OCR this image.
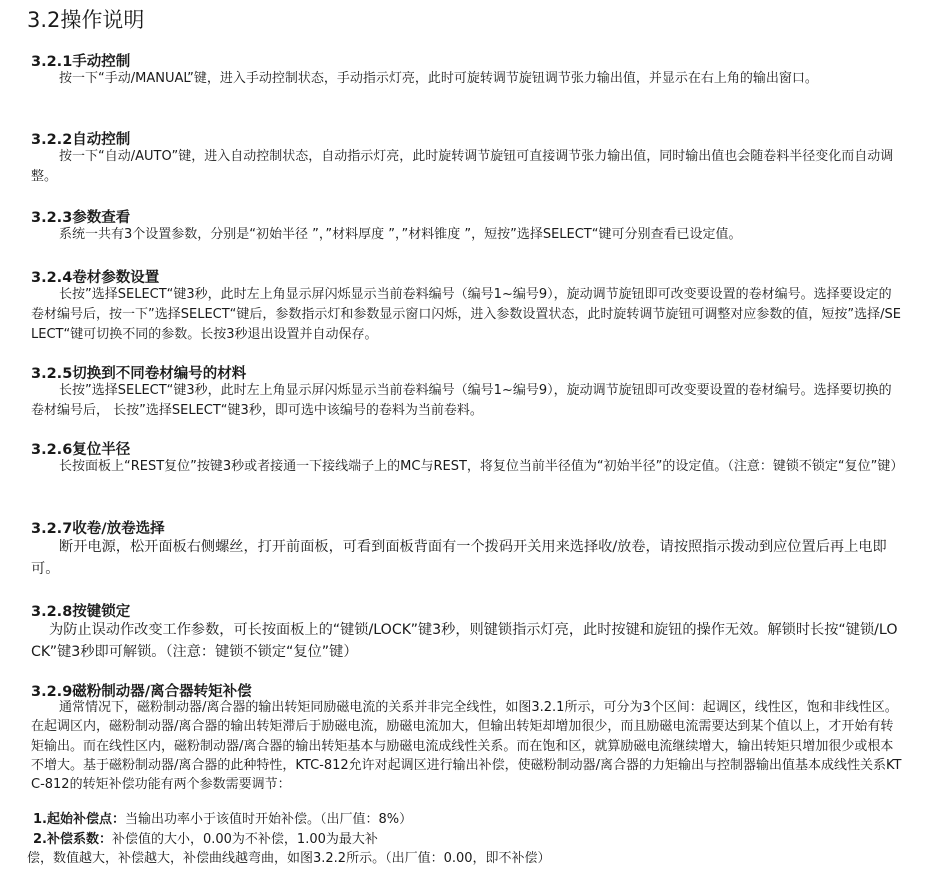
3.2操作说明
3.2.1手动控制

按一下“手动/MANUAL”键，进入手动控制状态，手动指示灯亮，此时可旋转调节旋钮调节张力输出值，并显示在右上角的输出窗口。

3.2.2自动控制

按一下“自动/AUTO”键，进入自动控制状态，自动指示灯亮，此时旋转调节旋钮可直接调节张力输出值，同时输出值也会随卷料半径变化而自动调整。

3.2.3参数查看

系统一共有3个设置参数，分别是“初始半径 ”，”材料厚度 ”，”材料锥度 ”，短按”选择SELECT“键可分别查看已设定值。

3.2.4卷材参数设置

长按”选择SELECT“键3秒，此时左上角显示屏闪烁显示当前卷料编号（编号1~编号9），旋动调节旋钮即可改变要设置的卷材编号。选择要设定的卷材编号后，按一下”选择SELECT“键后，参数指示灯和参数显示窗口闪烁，进入参数设置状态，此时旋转调节旋钮可调整对应参数的值，短按”选择/SELECT“键可切换不同的参数。长按3秒退出设置并自动保存。

3.2.5切换到不同卷材编号的材料

长按”选择SELECT“键3秒，此时左上角显示屏闪烁显示当前卷料编号（编号1~编号9），旋动调节旋钮即可改变要设置的卷材编号。选择要切换的卷材编号后， 长按”选择SELECT“键3秒，即可选中该编号的卷料为当前卷料。

3.2.6复位半径

长按面板上“REST复位”按键3秒或者接通一下接线端子上的MC与REST，将复位当前半径值为“初始半径”的设定值。（注意：键锁不锁定“复位”键）

3.2.7收卷/放卷选择

断开电源，松开面板右侧螺丝，打开前面板，可看到面板背面有一个拨码开关用来选择收/放卷，请按照指示拨动到应位置后再上电即可。

3.2.8按键锁定

为防止误动作改变工作参数，可长按面板上的“键锁/LOCK”键3秒，则键锁指示灯亮，此时按键和旋钮的操作无效。解锁时长按“键锁/LOCK”键3秒即可解锁。（注意：键锁不锁定“复位”键）

3.2.9磁粉制动器/离合器转矩补偿

通常情况下，磁粉制动器/离合器的输出转矩同励磁电流的关系并非完全线性，如图3.2.1所示，可分为3个区间：起调区，线性区，饱和非线性区。在起调区内，磁粉制动器/离合器的输出转矩滞后于励磁电流，励磁电流加大，但输出转矩却增加很少，而且励磁电流需要达到某个值以上，才开始有转矩输出。而在线性区内，磁粉制动器/离合器的输出转矩基本与励磁电流成线性关系。而在饱和区，就算励磁电流继续增大，输出转矩只增加很少或根本不增大。基于磁粉制动器/离合器的此种特性，KTC-812允许对起调区进行输出补偿，使磁粉制动器/离合器的力矩输出与控制器输出值基本成线性关系KTC-812的转矩补偿功能有两个参数需要调节：

1.起始补偿点：当输出功率小于该值时开始补偿。（出厂值：8%）
2.补偿系数：补偿值的大小，0.00为不补偿，1.00为最大补
偿，数值越大，补偿越大，补偿曲线越弯曲，如图3.2.2所示。（出厂值：0.00，即不补偿）
